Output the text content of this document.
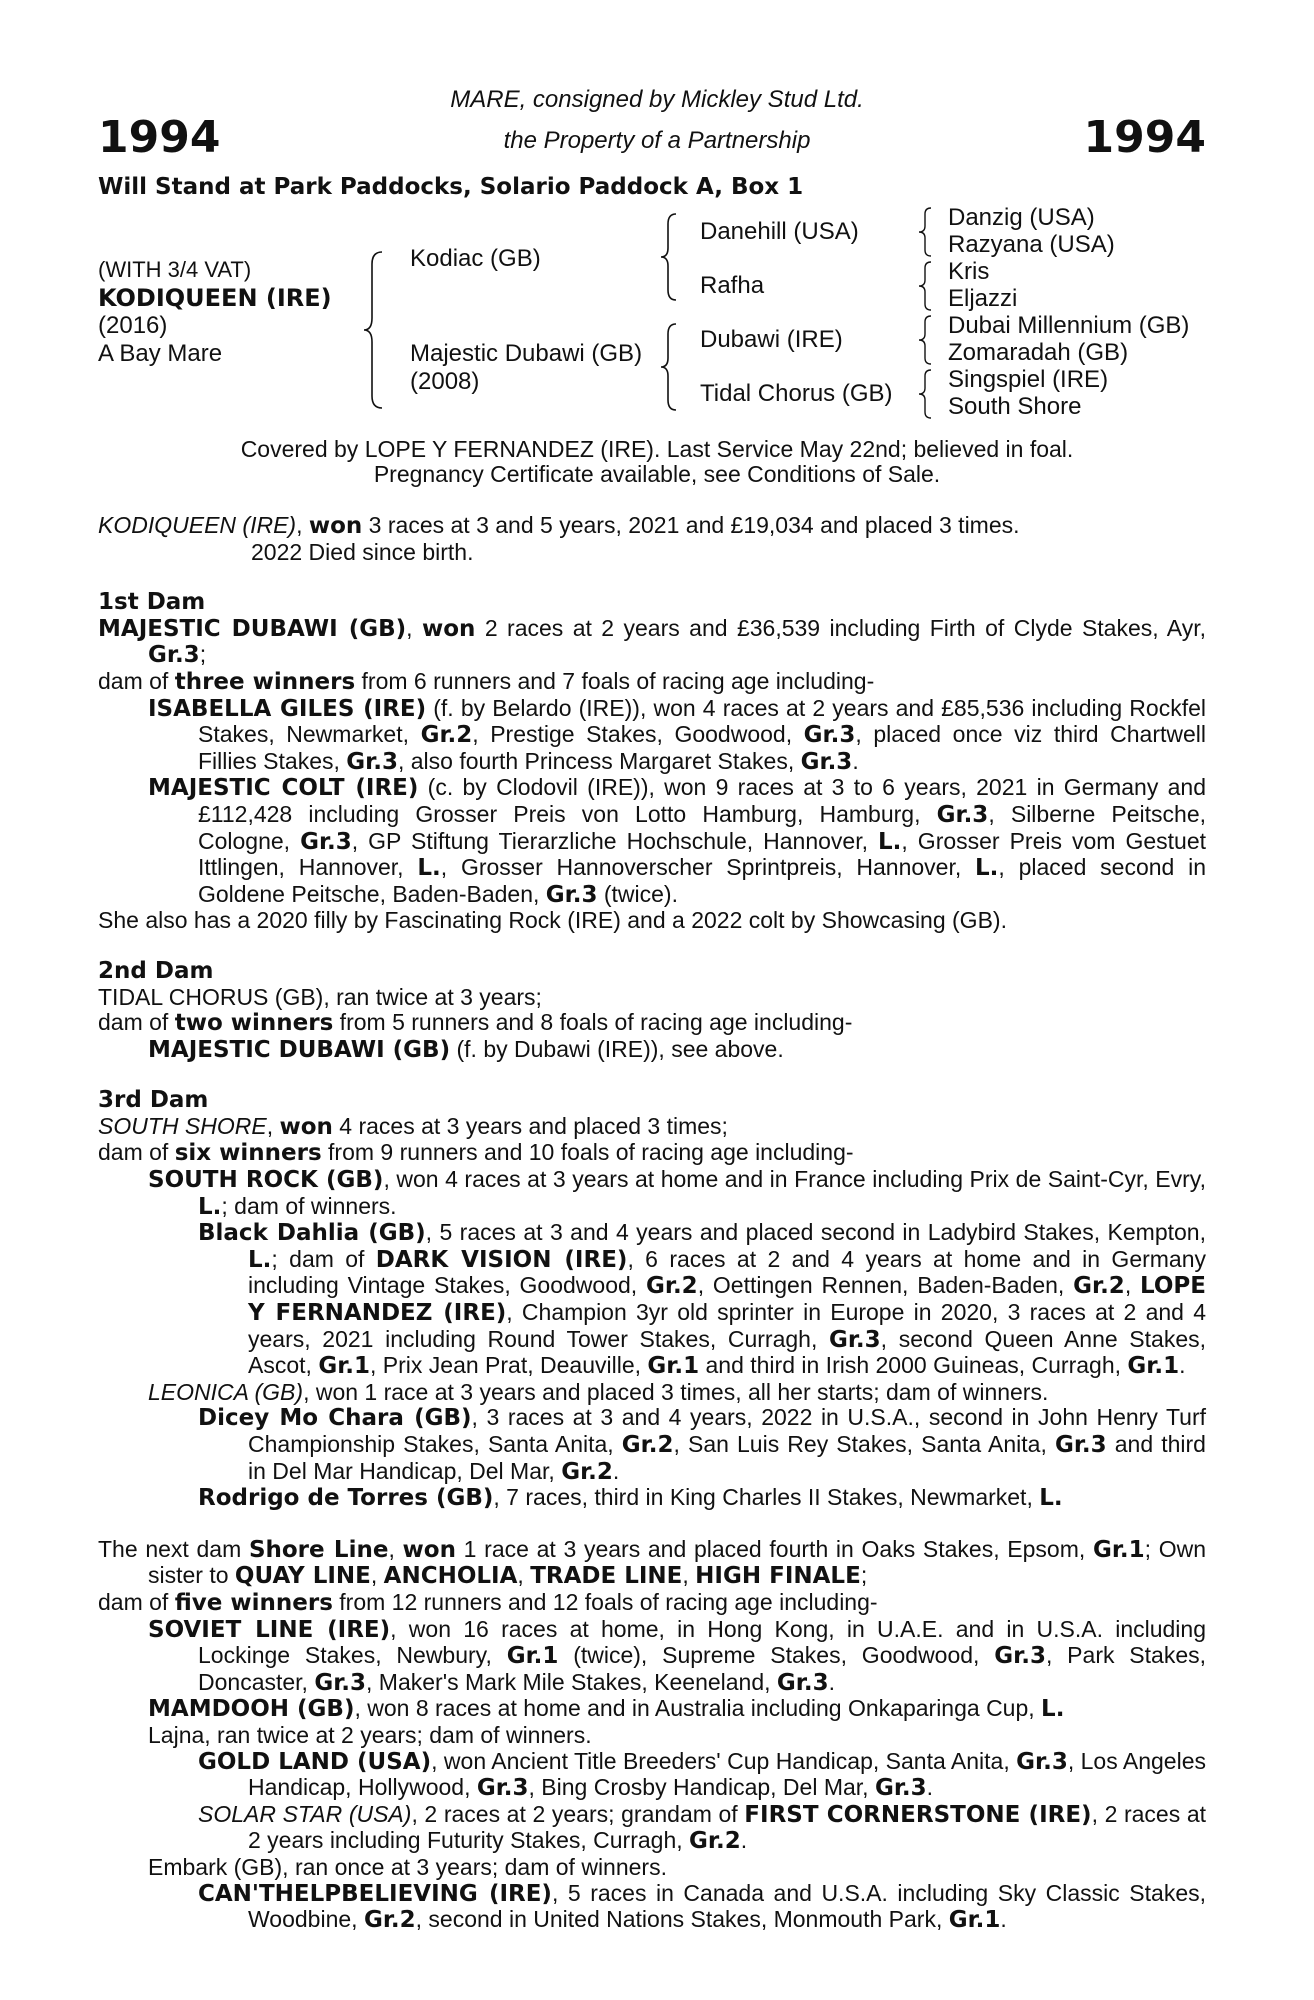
1994	1994
MARE, consigned by Mickley Stud Ltd.
the Property of a Partnership
Will Stand at Park Paddocks, Solario Paddock A, Box 1
(WITH 3/4 VAT)
KODIQUEEN (IRE)
(2016)
A Bay Mare
Kodiac (GB)
Majestic Dubawi (GB)
(2008)
Danehill (USA)
Rafha
Dubawi (IRE)
Tidal Chorus (GB)
Danzig (USA)
Razyana (USA)
Kris
Eljazzi
Dubai Millennium (GB)
Zomaradah (GB)
Singspiel (IRE)
South Shore
Covered by LOPE Y FERNANDEZ (IRE). Last Service May 22nd; believed in foal.
Pregnancy Certificate available, see Conditions of Sale.
KODIQUEEN (IRE), won 3 races at 3 and 5 years, 2021 and £19,034 and placed 3 times.
2022 Died since birth.
1st Dam
MAJESTIC DUBAWI (GB), won 2 races at 2 years and £36,539 including Firth of Clyde Stakes, Ayr, Gr.3;
dam of three winners from 6 runners and 7 foals of racing age including-
ISABELLA GILES (IRE) (f. by Belardo (IRE)), won 4 races at 2 years and £85,536 including Rockfel Stakes, Newmarket, Gr.2, Prestige Stakes, Goodwood, Gr.3, placed once viz third Chartwell Fillies Stakes, Gr.3, also fourth Princess Margaret Stakes, Gr.3.
MAJESTIC COLT (IRE) (c. by Clodovil (IRE)), won 9 races at 3 to 6 years, 2021 in Germany and £112,428 including Grosser Preis von Lotto Hamburg, Hamburg, Gr.3, Silberne Peitsche, Cologne, Gr.3, GP Stiftung Tierarzliche Hochschule, Hannover, L., Grosser Preis vom Gestuet Ittlingen, Hannover, L., Grosser Hannoverscher Sprintpreis, Hannover, L., placed second in Goldene Peitsche, Baden-Baden, Gr.3 (twice).
She also has a 2020 filly by Fascinating Rock (IRE) and a 2022 colt by Showcasing (GB).
2nd Dam
TIDAL CHORUS (GB), ran twice at 3 years;
dam of two winners from 5 runners and 8 foals of racing age including-
MAJESTIC DUBAWI (GB) (f. by Dubawi (IRE)), see above.
3rd Dam
SOUTH SHORE, won 4 races at 3 years and placed 3 times;
dam of six winners from 9 runners and 10 foals of racing age including-
SOUTH ROCK (GB), won 4 races at 3 years at home and in France including Prix de Saint-Cyr, Evry, L.; dam of winners.
Black Dahlia (GB), 5 races at 3 and 4 years and placed second in Ladybird Stakes, Kempton, L.; dam of DARK VISION (IRE), 6 races at 2 and 4 years at home and in Germany including Vintage Stakes, Goodwood, Gr.2, Oettingen Rennen, Baden-Baden, Gr.2, LOPE Y FERNANDEZ (IRE), Champion 3yr old sprinter in Europe in 2020, 3 races at 2 and 4 years, 2021 including Round Tower Stakes, Curragh, Gr.3, second Queen Anne Stakes, Ascot, Gr.1, Prix Jean Prat, Deauville, Gr.1 and third in Irish 2000 Guineas, Curragh, Gr.1.
LEONICA (GB), won 1 race at 3 years and placed 3 times, all her starts; dam of winners.
Dicey Mo Chara (GB), 3 races at 3 and 4 years, 2022 in U.S.A., second in John Henry Turf Championship Stakes, Santa Anita, Gr.2, San Luis Rey Stakes, Santa Anita, Gr.3 and third in Del Mar Handicap, Del Mar, Gr.2.
Rodrigo de Torres (GB), 7 races, third in King Charles II Stakes, Newmarket, L.
The next dam Shore Line, won 1 race at 3 years and placed fourth in Oaks Stakes, Epsom, Gr.1; Own sister to QUAY LINE, ANCHOLIA, TRADE LINE, HIGH FINALE;
dam of five winners from 12 runners and 12 foals of racing age including-
SOVIET LINE (IRE), won 16 races at home, in Hong Kong, in U.A.E. and in U.S.A. including Lockinge Stakes, Newbury, Gr.1 (twice), Supreme Stakes, Goodwood, Gr.3, Park Stakes, Doncaster, Gr.3, Maker's Mark Mile Stakes, Keeneland, Gr.3.
MAMDOOH (GB), won 8 races at home and in Australia including Onkaparinga Cup, L.
Lajna, ran twice at 2 years; dam of winners.
GOLD LAND (USA), won Ancient Title Breeders' Cup Handicap, Santa Anita, Gr.3, Los Angeles Handicap, Hollywood, Gr.3, Bing Crosby Handicap, Del Mar, Gr.3.
SOLAR STAR (USA), 2 races at 2 years; grandam of FIRST CORNERSTONE (IRE), 2 races at 2 years including Futurity Stakes, Curragh, Gr.2.
Embark (GB), ran once at 3 years; dam of winners.
CAN'THELPBELIEVING (IRE), 5 races in Canada and U.S.A. including Sky Classic Stakes, Woodbine, Gr.2, second in United Nations Stakes, Monmouth Park, Gr.1.
